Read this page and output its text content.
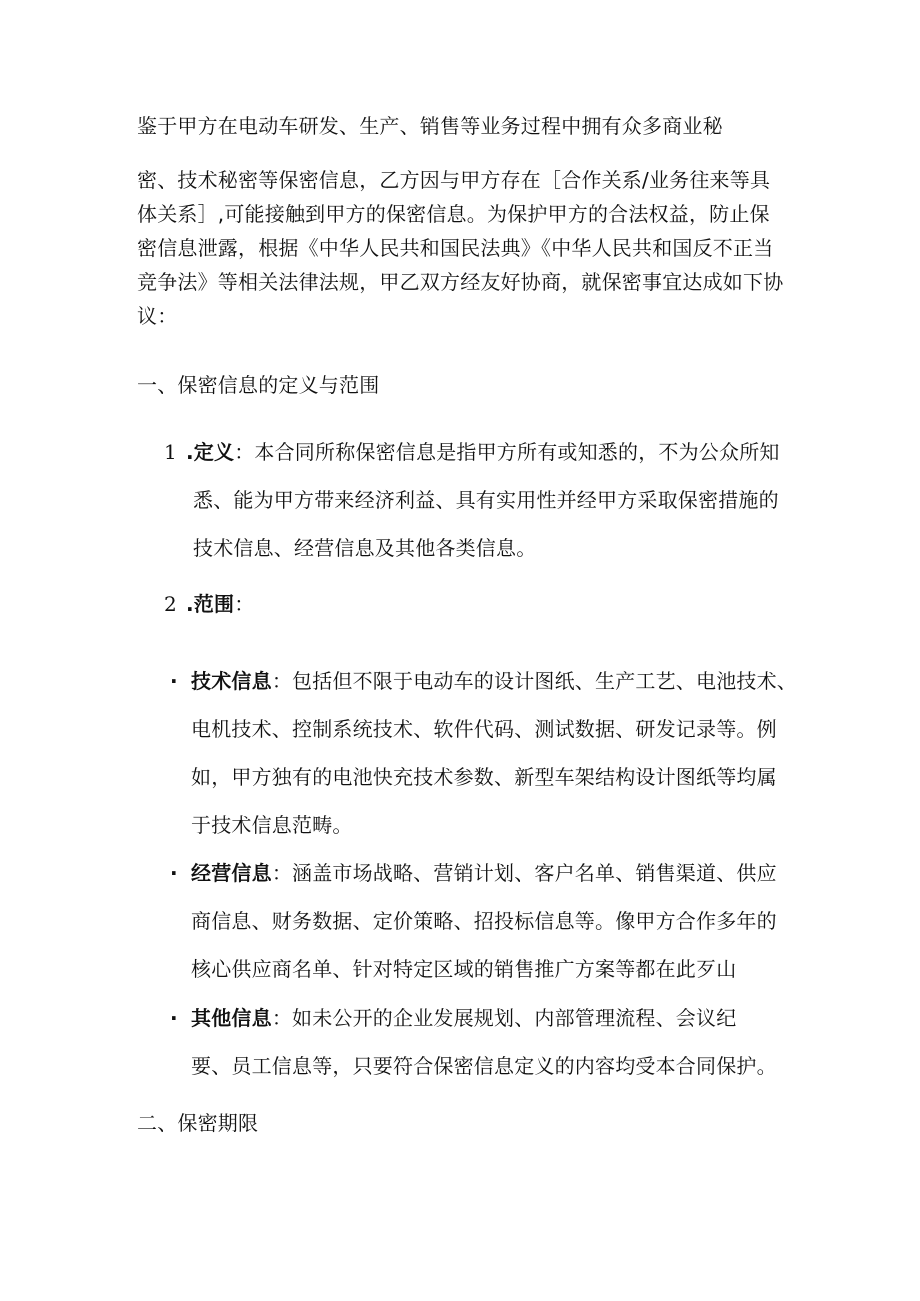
鉴于甲方在电动车研发、生产、销售等业务过程中拥有众多商业秘
密、技术秘密等保密信息，乙方因与甲方存在［合作关系/业务往来等具
体关系］,可能接触到甲方的保密信息。为保护甲方的合法权益，防止保
密信息泄露，根据《中华人民共和国民法典》《中华人民共和国反不正当
竞争法》等相关法律法规，甲乙双方经友好协商，就保密事宜达成如下协
议：
一、保密信息的定义与范围
1 .定义：本合同所称保密信息是指甲方所有或知悉的，不为公众所知
悉、能为甲方带来经济利益、具有实用性并经甲方采取保密措施的
技术信息、经营信息及其他各类信息。
2 .范围：
· 技术信息：包括但不限于电动车的设计图纸、生产工艺、电池技术、
电机技术、控制系统技术、软件代码、测试数据、研发记录等。例
如，甲方独有的电池快充技术参数、新型车架结构设计图纸等均属
于技术信息范畴。
· 经营信息：涵盖市场战略、营销计划、客户名单、销售渠道、供应
商信息、财务数据、定价策略、招投标信息等。像甲方合作多年的
核心供应商名单、针对特定区域的销售推广方案等都在此歹山
· 其他信息：如未公开的企业发展规划、内部管理流程、会议纪
要、员工信息等，只要符合保密信息定义的内容均受本合同保护。
二、保密期限
